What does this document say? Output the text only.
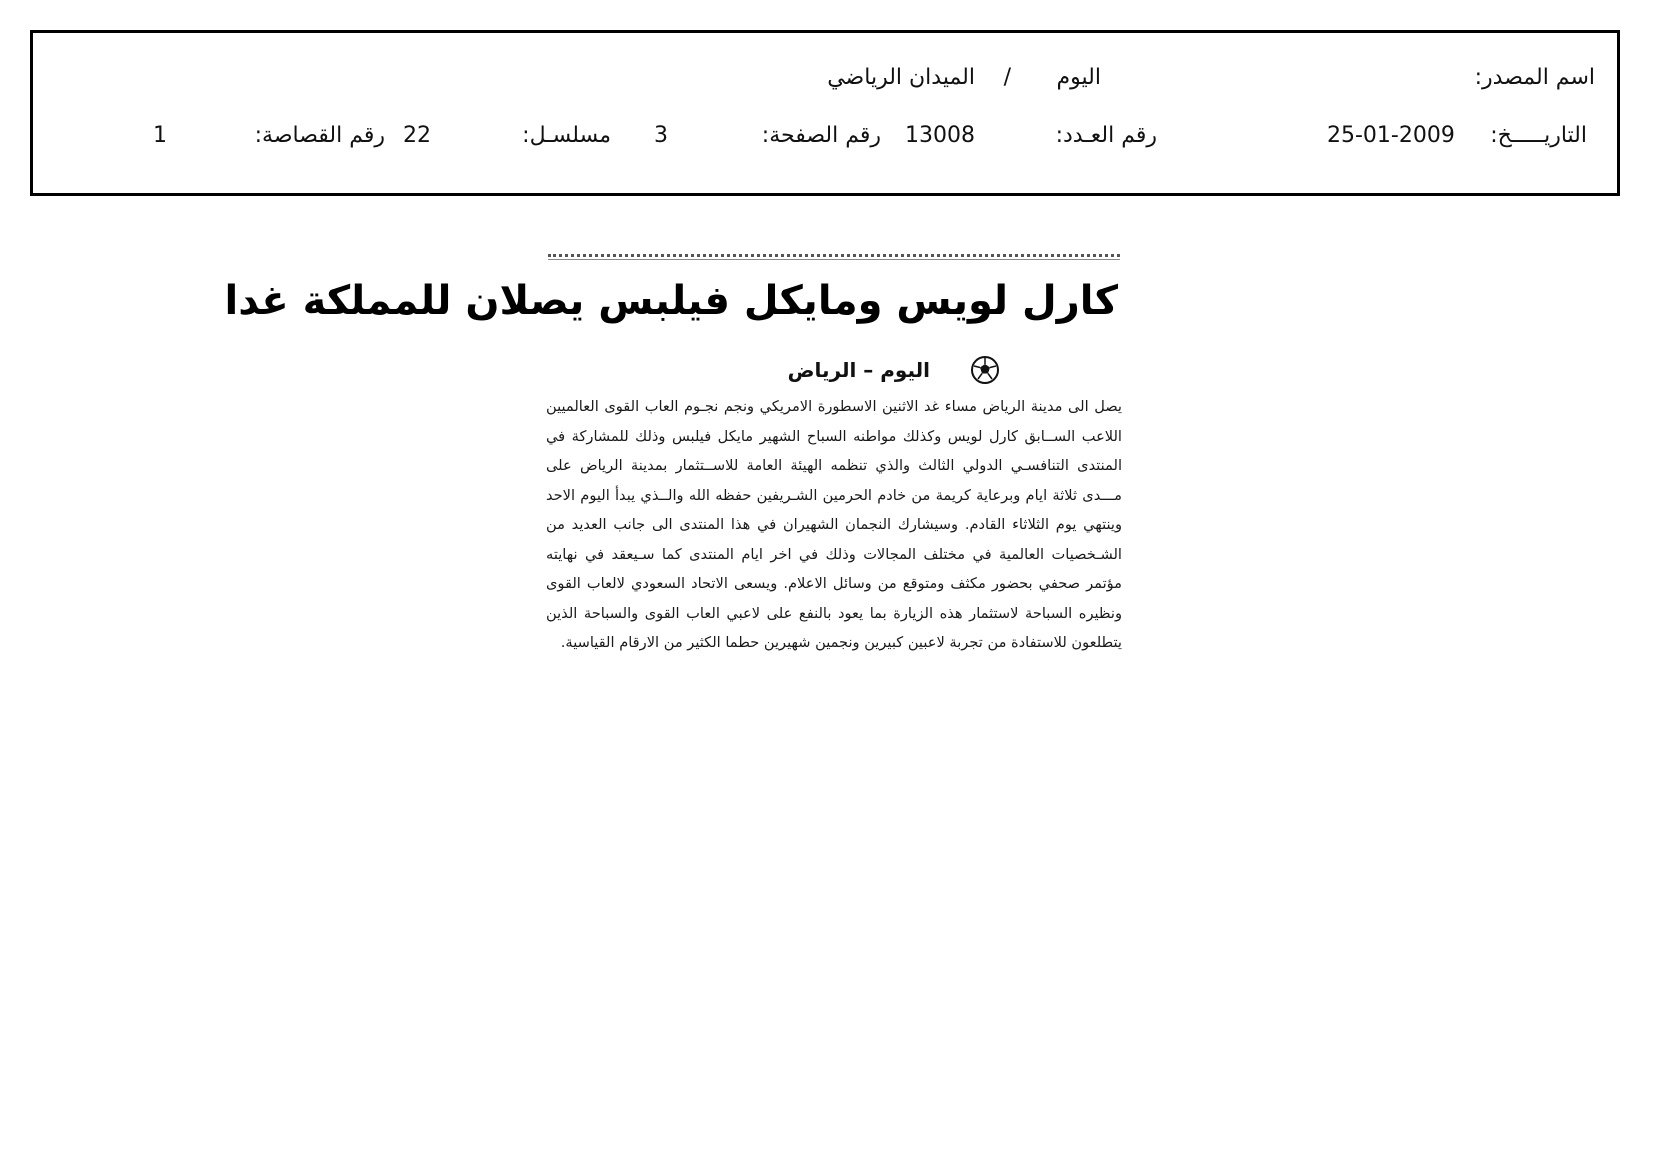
اسم المصدر:
اليوم
/
الميدان الرياضي
التاريـــــخ:
25-01-2009
رقم العـدد:
13008
رقم الصفحة:
3
مسلسـل:
22
رقم القصاصة:
1
كارل لويس ومايكل فيلبس يصلان للمملكة غدا
اليوم – الرياض
يصل الى مدينة الرياض مساء غد الاثنين الاسطورة الامريكي ونجم نجـوم العاب القوى العالميين اللاعب الســابق كارل لويس وكذلك مواطنه السباح الشهير مايكل فيلبس وذلك للمشاركة في المنتدى التنافسـي الدولي الثالث والذي تنظمه الهيئة العامة للاســتثمار بمدينة الرياض على مـــدى ثلاثة ايام وبرعاية كريمة من خادم الحرمين الشـريفين حفظه الله والــذي يبدأ اليوم الاحد وينتهي يوم الثلاثاء القادم. وسيشارك النجمان الشهيران في هذا المنتدى الى جانب العديد من الشـخصيات العالمية في مختلف المجالات وذلك في اخر ايام المنتدى كما سـيعقد في نهايته مؤتمر صحفي بحضور مكثف ومتوقع من وسائل الاعلام. ويسعى الاتحاد السعودي لالعاب القوى ونظيره السباحة لاستثمار هذه الزيارة بما يعود بالنفع على لاعبي العاب القوى والسباحة الذين يتطلعون للاستفادة من تجربة لاعبين كبيرين ونجمين شهيرين حطما الكثير من الارقام القياسية.
